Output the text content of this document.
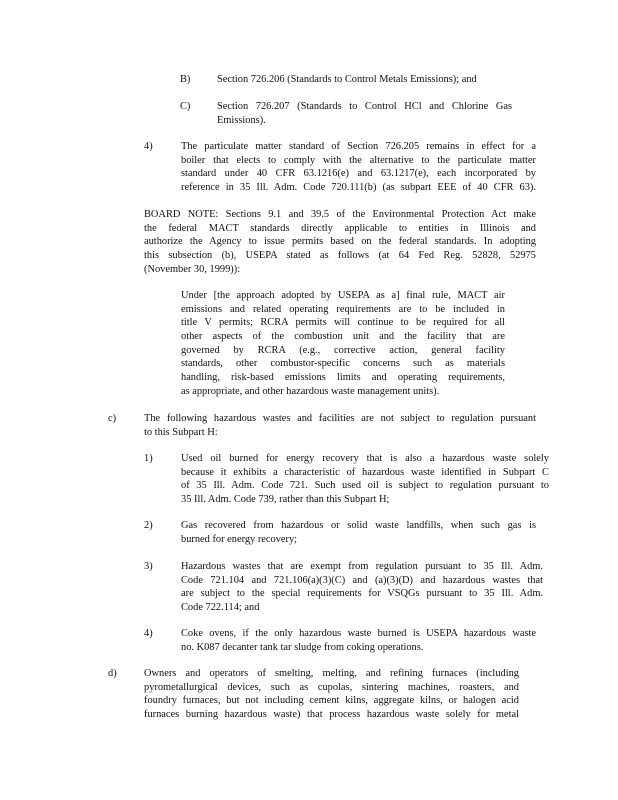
B)	Section 726.206 (Standards to Control Metals Emissions); and
C)	Section 726.207 (Standards to Control HCl and Chlorine Gas
Emissions).
4)	The particulate matter standard of Section 726.205 remains in effect for a
boiler that elects to comply with the alternative to the particulate matter
standard under 40 CFR 63.1216(e) and 63.1217(e), each incorporated by
reference in 35 Ill. Adm. Code 720.111(b) (as subpart EEE of 40 CFR 63).
BOARD NOTE: Sections 9.1 and 39.5 of the Environmental Protection Act make
the federal MACT standards directly applicable to entities in Illinois and
authorize the Agency to issue permits based on the federal standards. In adopting
this subsection (b), USEPA stated as follows (at 64 Fed Reg. 52828, 52975
(November 30, 1999)):
Under [the approach adopted by USEPA as a] final rule, MACT air
emissions and related operating requirements are to be included in
title V permits; RCRA permits will continue to be required for all
other aspects of the combustion unit and the facility that are
governed by RCRA (e.g., corrective action, general facility
standards, other combustor-specific concerns such as materials
handling, risk-based emissions limits and operating requirements,
as appropriate, and other hazardous waste management units).
c)	The following hazardous wastes and facilities are not subject to regulation pursuant
to this Subpart H:
1)	Used oil burned for energy recovery that is also a hazardous waste solely
because it exhibits a characteristic of hazardous waste identified in Subpart C
of 35 Ill. Adm. Code 721. Such used oil is subject to regulation pursuant to
35 Ill. Adm. Code 739, rather than this Subpart H;
2)	Gas recovered from hazardous or solid waste landfills, when such gas is
burned for energy recovery;
3)	Hazardous wastes that are exempt from regulation pursuant to 35 Ill. Adm.
Code 721.104 and 721.106(a)(3)(C) and (a)(3)(D) and hazardous wastes that
are subject to the special requirements for VSQGs pursuant to 35 Ill. Adm.
Code 722.114; and
4)	Coke ovens, if the only hazardous waste burned is USEPA hazardous waste
no. K087 decanter tank tar sludge from coking operations.
d)	Owners and operators of smelting, melting, and refining furnaces (including
pyrometallurgical devices, such as cupolas, sintering machines, roasters, and
foundry furnaces, but not including cement kilns, aggregate kilns, or halogen acid
furnaces burning hazardous waste) that process hazardous waste solely for metal
